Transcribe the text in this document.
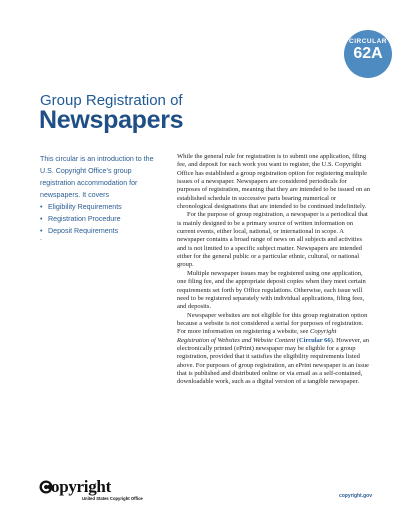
CIRCULAR
62A
Group Registration of
Newspapers

This circular is an introduction to the U.S. Copyright Office’s group registration accommodation for newspapers. It covers

• Eligibility Requirements
• Registration Procedure
• Deposit Requirements
.

While the general rule for registration is to submit one application, filing fee, and deposit for each work you want to register, the U.S. Copyright Office has established a group registration option for registering multiple issues of a newspaper. Newspapers are considered periodicals for purposes of registration, meaning that they are intended to be issued on an established schedule in successive parts bearing numerical or chronological designations that are intended to be continued indefinitely.

For the purpose of group registration, a newspaper is a periodical that is mainly designed to be a primary source of written information on current events, either local, national, or international in scope. A newspaper contains a broad range of news on all subjects and activities and is not limited to a specific subject matter. Newspapers are intended either for the general public or a particular ethnic, cultural, or national group.

Multiple newspaper issues may be registered using one application, one filing fee, and the appropriate deposit copies when they meet certain requirements set forth by Office regulations. Otherwise, each issue will need to be registered separately with individual applications, filing fees, and deposits.

Newspaper websites are not eligible for this group registration option because a website is not considered a serial for purposes of registration. For more information on registering a website, see Copyright Registration of Websites and Website Content (Circular 66). However, an electronically printed (ePrint) newspaper may be eligible for a group registration, provided that it satisfies the eligibility requirements listed above. For purposes of group registration, an ePrint newspaper is an issue that is published and distributed online or via email as a self-contained, downloadable work, such as a digital version of a tangible newspaper.

opyright
United States Copyright Office	copyright.gov
